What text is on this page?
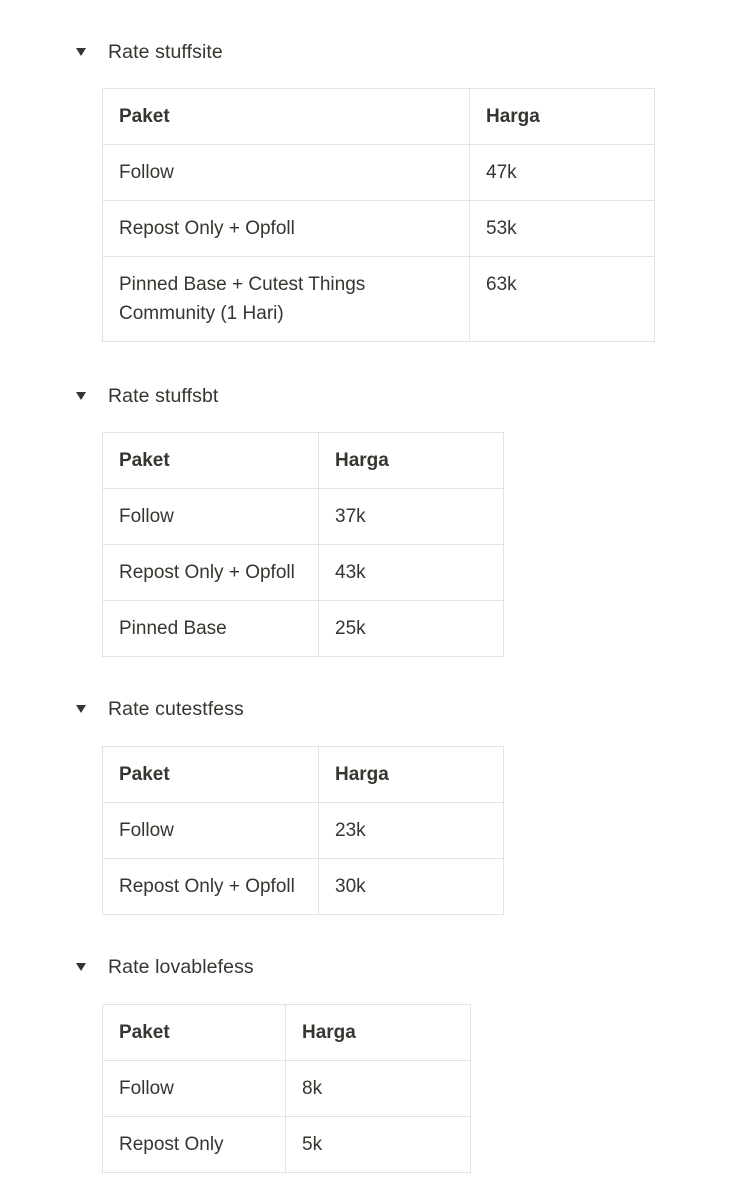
Rate stuffsite
Paket	Harga
Follow	47k
Repost Only + Opfoll	53k
Pinned Base + Cutest Things Community (1 Hari)	63k
Rate stuffsbt
Paket	Harga
Follow	37k
Repost Only + Opfoll	43k
Pinned Base	25k
Rate cutestfess
Paket	Harga
Follow	23k
Repost Only + Opfoll	30k
Rate lovablefess
Paket	Harga
Follow	8k
Repost Only	5k
